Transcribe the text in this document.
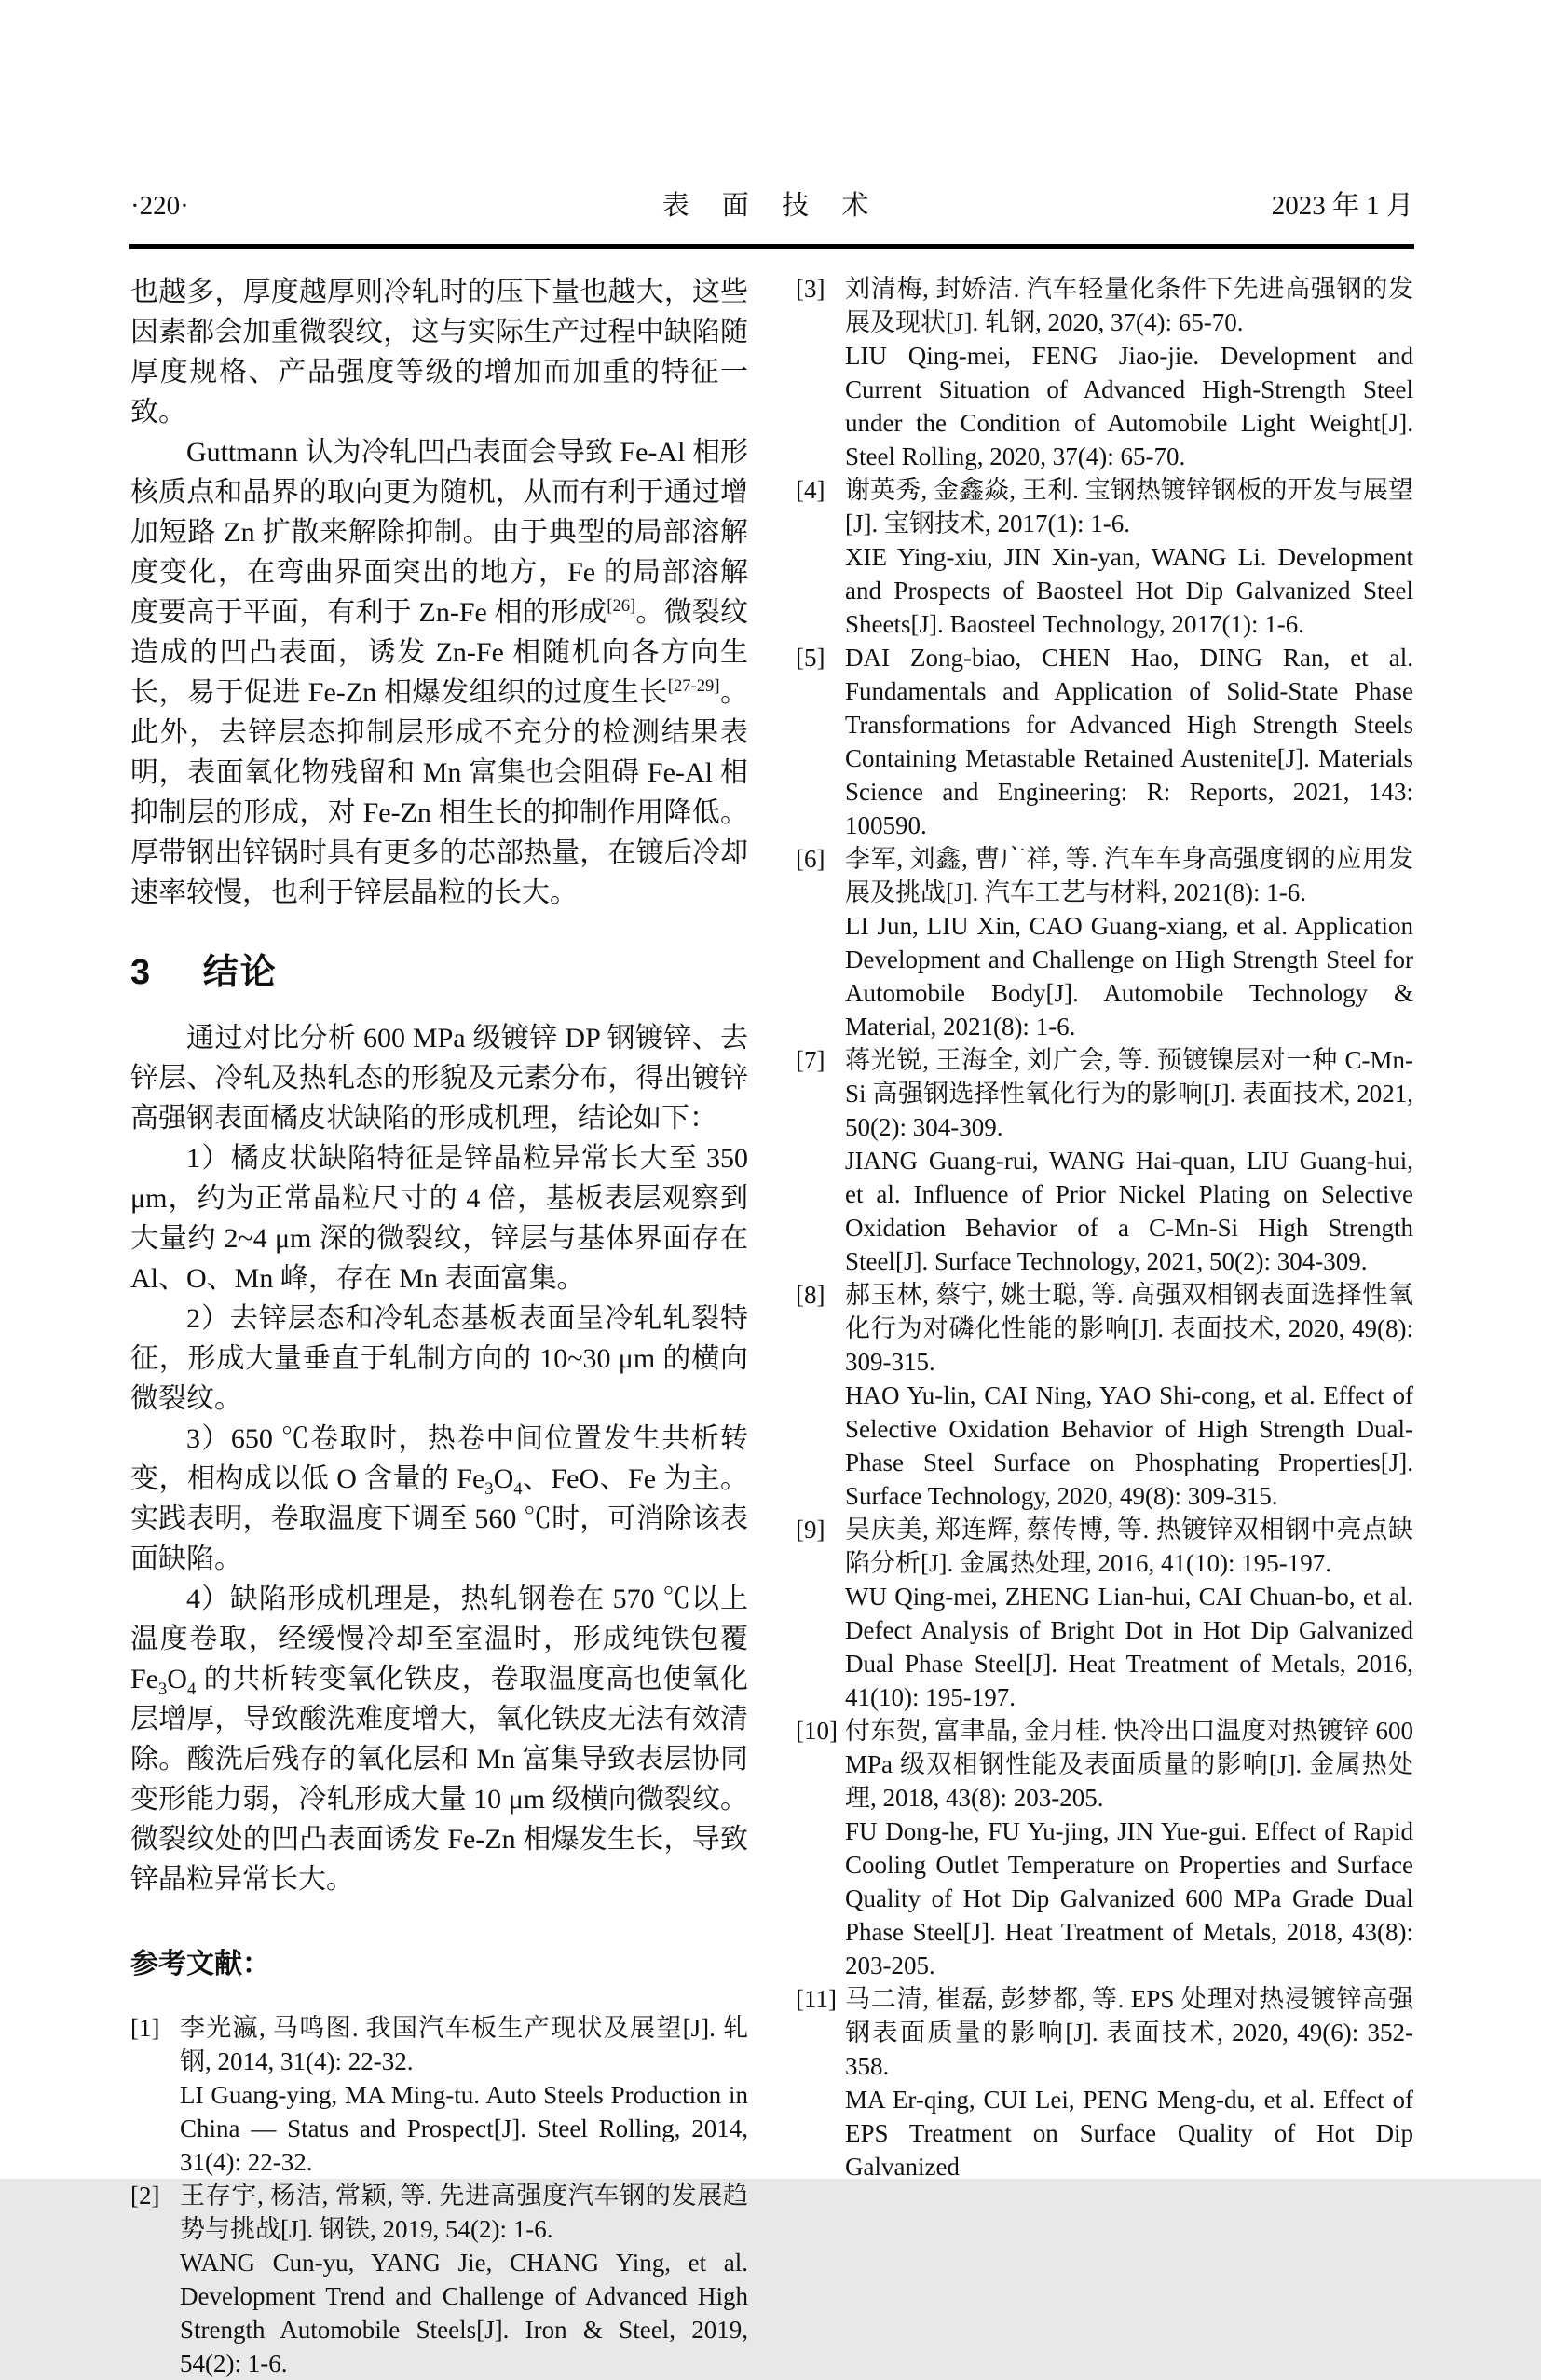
·220·	表 面 技 术	2023 年 1 月

也越多，厚度越厚则冷轧时的压下量也越大，这些因素都会加重微裂纹，这与实际生产过程中缺陷随厚度规格、产品强度等级的增加而加重的特征一致。

Guttmann 认为冷轧凹凸表面会导致 Fe-Al 相形核质点和晶界的取向更为随机，从而有利于通过增加短路 Zn 扩散来解除抑制。由于典型的局部溶解度变化，在弯曲界面突出的地方，Fe 的局部溶解度要高于平面，有利于 Zn-Fe 相的形成[26]。微裂纹造成的凹凸表面，诱发 Zn-Fe 相随机向各方向生长，易于促进 Fe-Zn 相爆发组织的过度生长[27-29]。此外，去锌层态抑制层形成不充分的检测结果表明，表面氧化物残留和 Mn 富集也会阻碍 Fe-Al 相抑制层的形成，对 Fe-Zn 相生长的抑制作用降低。厚带钢出锌锅时具有更多的芯部热量，在镀后冷却速率较慢，也利于锌层晶粒的长大。

3 结论

通过对比分析 600 MPa 级镀锌 DP 钢镀锌、去锌层、冷轧及热轧态的形貌及元素分布，得出镀锌高强钢表面橘皮状缺陷的形成机理，结论如下：

1）橘皮状缺陷特征是锌晶粒异常长大至 350 μm，约为正常晶粒尺寸的 4 倍，基板表层观察到大量约 2~4 μm 深的微裂纹，锌层与基体界面存在 Al、O、Mn 峰，存在 Mn 表面富集。

2）去锌层态和冷轧态基板表面呈冷轧轧裂特征，形成大量垂直于轧制方向的 10~30 μm 的横向微裂纹。

3）650 ℃卷取时，热卷中间位置发生共析转变，相构成以低 O 含量的 $Fe_3O_4$、FeO、Fe 为主。实践表明，卷取温度下调至 560 ℃时，可消除该表面缺陷。

4）缺陷形成机理是，热轧钢卷在 570 ℃以上温度卷取，经缓慢冷却至室温时，形成纯铁包覆 $Fe_3O_4$ 的共析转变氧化铁皮，卷取温度高也使氧化层增厚，导致酸洗难度增大，氧化铁皮无法有效清除。酸洗后残存的氧化层和 Mn 富集导致表层协同变形能力弱，冷轧形成大量 10 μm 级横向微裂纹。微裂纹处的凹凸表面诱发 Fe-Zn 相爆发生长，导致锌晶粒异常长大。

参考文献：
[1] 李光瀛, 马鸣图. 我国汽车板生产现状及展望[J]. 轧钢, 2014, 31(4): 22-32.
LI Guang-ying, MA Ming-tu. Auto Steels Production in China — Status and Prospect[J]. Steel Rolling, 2014, 31(4): 22-32.
[2] 王存宇, 杨洁, 常颖, 等. 先进高强度汽车钢的发展趋势与挑战[J]. 钢铁, 2019, 54(2): 1-6.
WANG Cun-yu, YANG Jie, CHANG Ying, et al. Development Trend and Challenge of Advanced High Strength Automobile Steels[J]. Iron & Steel, 2019, 54(2): 1-6.
[3] 刘清梅, 封娇洁. 汽车轻量化条件下先进高强钢的发展及现状[J]. 轧钢, 2020, 37(4): 65-70.
LIU Qing-mei, FENG Jiao-jie. Development and Current Situation of Advanced High-Strength Steel under the Condition of Automobile Light Weight[J]. Steel Rolling, 2020, 37(4): 65-70.
[4] 谢英秀, 金鑫焱, 王利. 宝钢热镀锌钢板的开发与展望[J]. 宝钢技术, 2017(1): 1-6.
XIE Ying-xiu, JIN Xin-yan, WANG Li. Development and Prospects of Baosteel Hot Dip Galvanized Steel Sheets[J]. Baosteel Technology, 2017(1): 1-6.
[5] DAI Zong-biao, CHEN Hao, DING Ran, et al. Fundamentals and Application of Solid-State Phase Transformations for Advanced High Strength Steels Containing Metastable Retained Austenite[J]. Materials Science and Engineering: R: Reports, 2021, 143: 100590.
[6] 李军, 刘鑫, 曹广祥, 等. 汽车车身高强度钢的应用发展及挑战[J]. 汽车工艺与材料, 2021(8): 1-6.
LI Jun, LIU Xin, CAO Guang-xiang, et al. Application Development and Challenge on High Strength Steel for Automobile Body[J]. Automobile Technology & Material, 2021(8): 1-6.
[7] 蒋光锐, 王海全, 刘广会, 等. 预镀镍层对一种 C-Mn-Si 高强钢选择性氧化行为的影响[J]. 表面技术, 2021, 50(2): 304-309.
JIANG Guang-rui, WANG Hai-quan, LIU Guang-hui, et al. Influence of Prior Nickel Plating on Selective Oxidation Behavior of a C-Mn-Si High Strength Steel[J]. Surface Technology, 2021, 50(2): 304-309.
[8] 郝玉林, 蔡宁, 姚士聪, 等. 高强双相钢表面选择性氧化行为对磷化性能的影响[J]. 表面技术, 2020, 49(8): 309-315.
HAO Yu-lin, CAI Ning, YAO Shi-cong, et al. Effect of Selective Oxidation Behavior of High Strength Dual-Phase Steel Surface on Phosphating Properties[J]. Surface Technology, 2020, 49(8): 309-315.
[9] 吴庆美, 郑连辉, 蔡传博, 等. 热镀锌双相钢中亮点缺陷分析[J]. 金属热处理, 2016, 41(10): 195-197.
WU Qing-mei, ZHENG Lian-hui, CAI Chuan-bo, et al. Defect Analysis of Bright Dot in Hot Dip Galvanized Dual Phase Steel[J]. Heat Treatment of Metals, 2016, 41(10): 195-197.
[10] 付东贺, 富聿晶, 金月桂. 快冷出口温度对热镀锌 600 MPa 级双相钢性能及表面质量的影响[J]. 金属热处理, 2018, 43(8): 203-205.
FU Dong-he, FU Yu-jing, JIN Yue-gui. Effect of Rapid Cooling Outlet Temperature on Properties and Surface Quality of Hot Dip Galvanized 600 MPa Grade Dual Phase Steel[J]. Heat Treatment of Metals, 2018, 43(8): 203-205.
[11] 马二清, 崔磊, 彭梦都, 等. EPS 处理对热浸镀锌高强钢表面质量的影响[J]. 表面技术, 2020, 49(6): 352-358.
MA Er-qing, CUI Lei, PENG Meng-du, et al. Effect of EPS Treatment on Surface Quality of Hot Dip Galvanized
